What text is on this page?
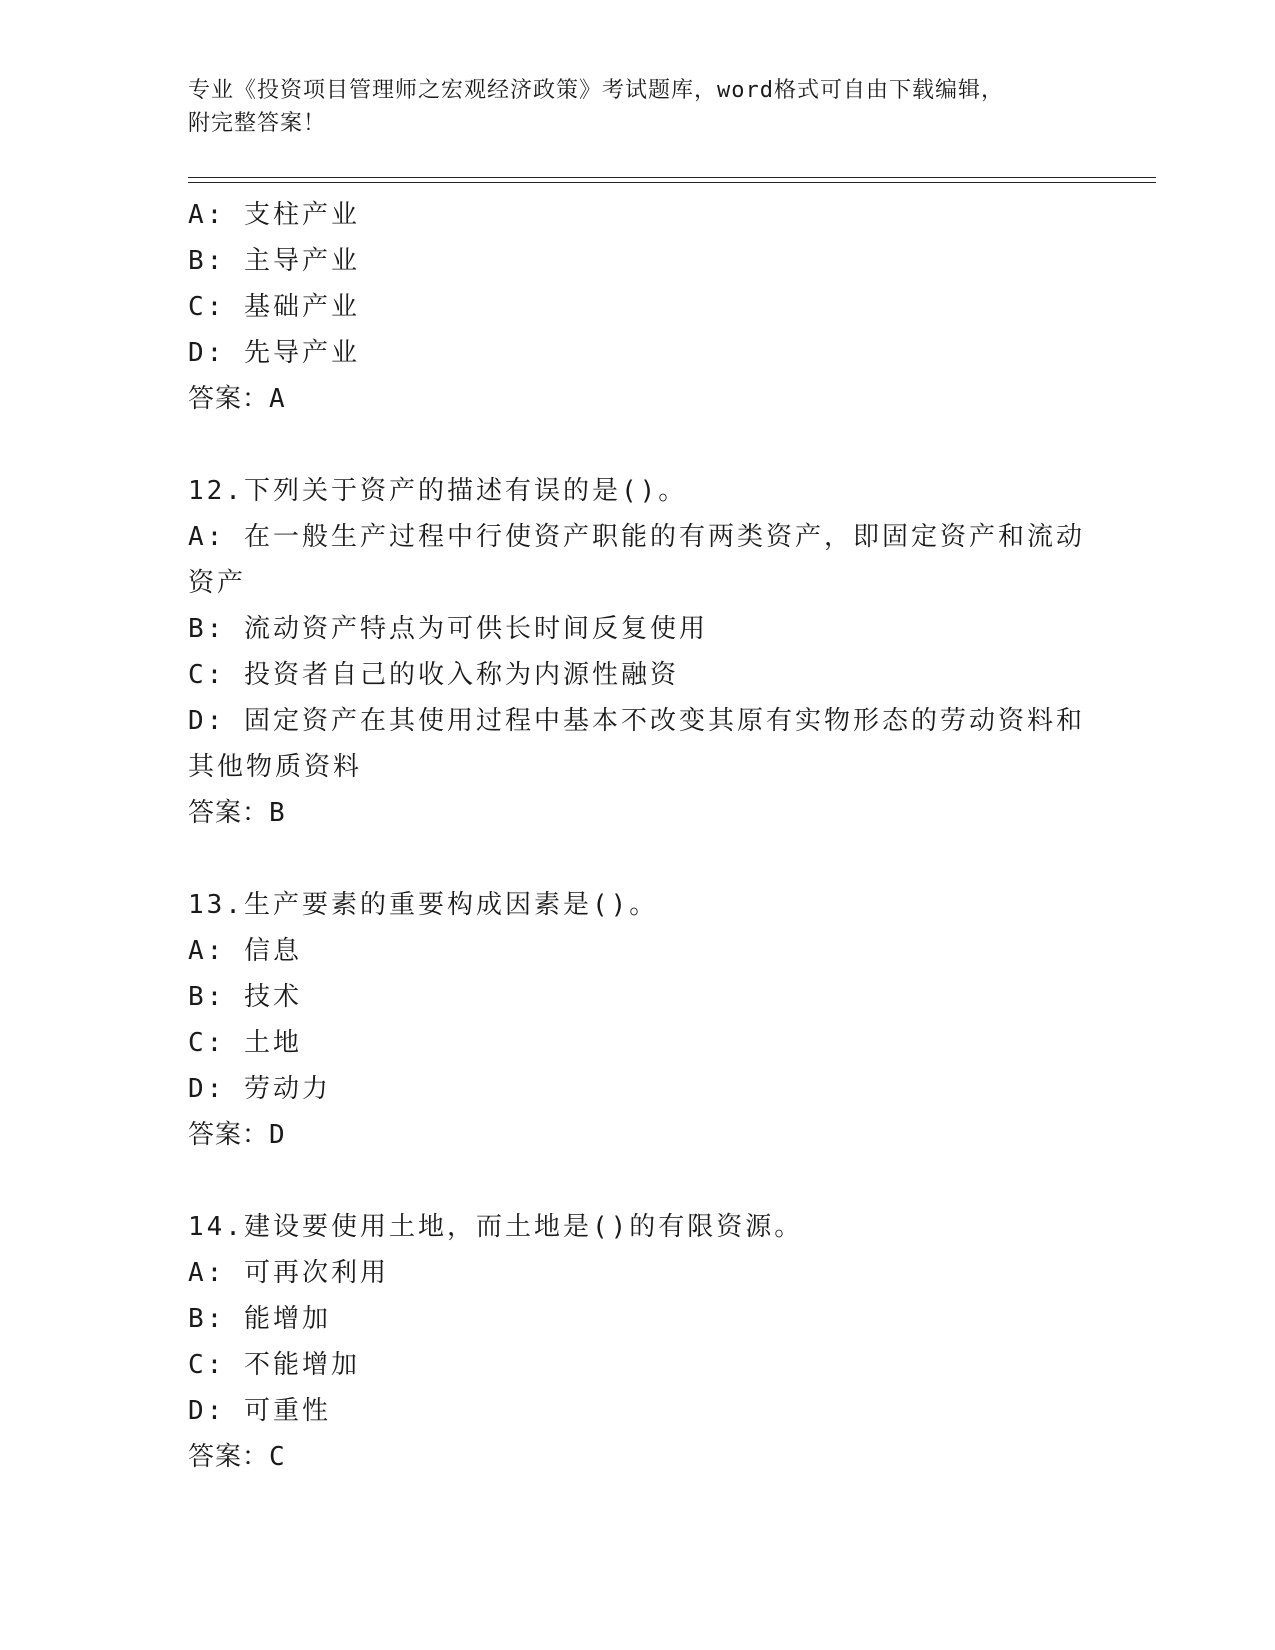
专业《投资项目管理师之宏观经济政策》考试题库，word格式可自由下载编辑，
附完整答案！
A: 支柱产业
B: 主导产业
C: 基础产业
D: 先导产业
答案：A
12.下列关于资产的描述有误的是()。
A: 在一般生产过程中行使资产职能的有两类资产，即固定资产和流动
资产
B: 流动资产特点为可供长时间反复使用
C: 投资者自己的收入称为内源性融资
D: 固定资产在其使用过程中基本不改变其原有实物形态的劳动资料和
其他物质资料
答案：B
13.生产要素的重要构成因素是()。
A: 信息
B: 技术
C: 土地
D: 劳动力
答案：D
14.建设要使用土地，而土地是()的有限资源。
A: 可再次利用
B: 能增加
C: 不能增加
D: 可重性
答案：C
